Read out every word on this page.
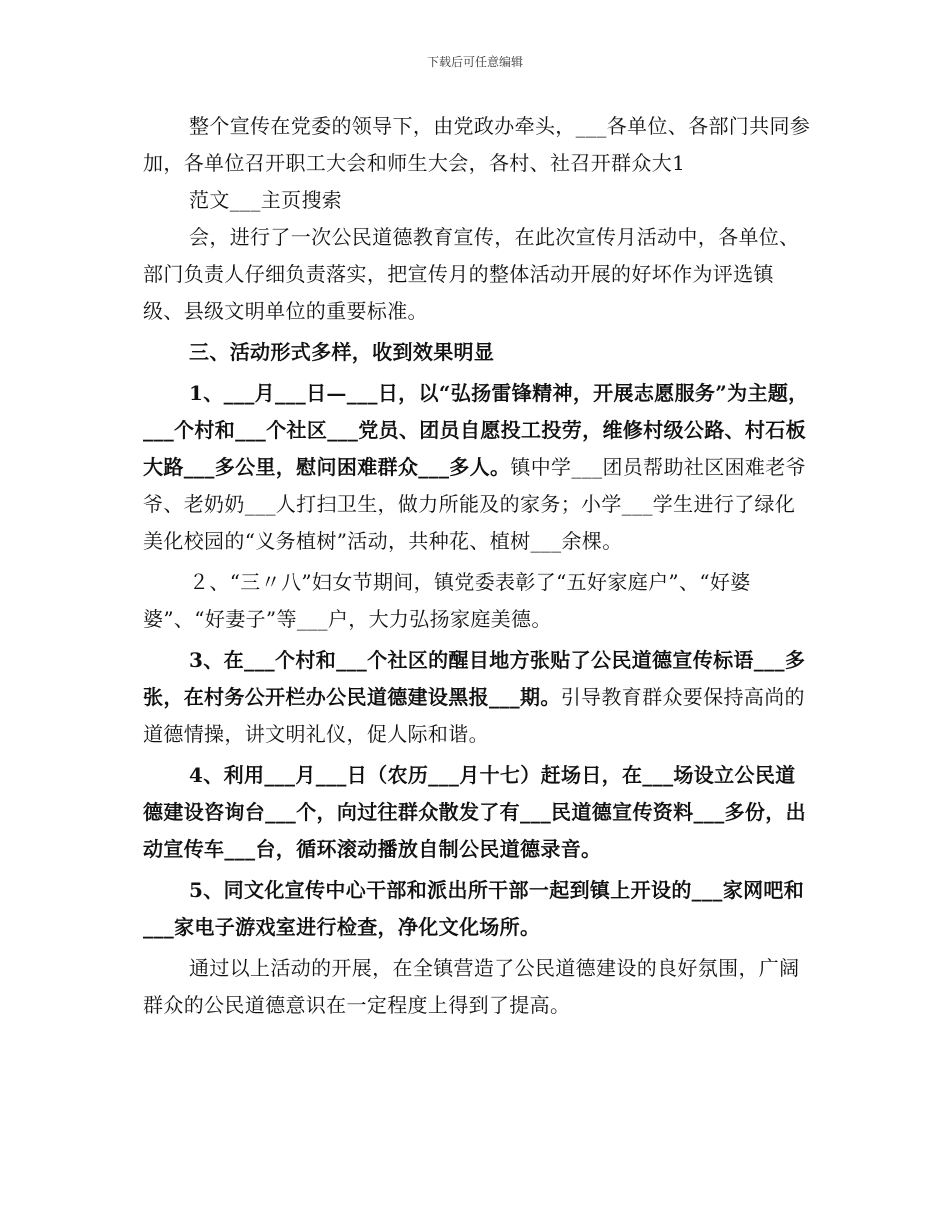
下载后可任意编辑

整个宣传在党委的领导下，由党政办牵头，___各单位、各部门共同参加，各单位召开职工大会和师生大会，各村、社召开群众大1

范文___主页搜索

会，进行了一次公民道德教育宣传，在此次宣传月活动中，各单位、部门负责人仔细负责落实，把宣传月的整体活动开展的好坏作为评选镇级、县级文明单位的重要标准。

三、活动形式多样，收到效果明显

1、___月___日—___日，以“弘扬雷锋精神，开展志愿服务”为主题，___个村和___个社区___党员、团员自愿投工投劳，维修村级公路、村石板大路___多公里，慰问困难群众___多人。镇中学___团员帮助社区困难老爷爷、老奶奶___人打扫卫生，做力所能及的家务；小学___学生进行了绿化美化校园的“义务植树”活动，共种花、植树___余棵。

２、“三〃八”妇女节期间，镇党委表彰了“五好家庭户”、“好婆婆”、“好妻子”等___户，大力弘扬家庭美德。

3、在___个村和___个社区的醒目地方张贴了公民道德宣传标语___多张，在村务公开栏办公民道德建设黑报___期。引导教育群众要保持高尚的道德情操，讲文明礼仪，促人际和谐。

4、利用___月___日（农历___月十七）赶场日，在___场设立公民道德建设咨询台___个，向过往群众散发了有___民道德宣传资料___多份，出动宣传车___台，循环滚动播放自制公民道德录音。

5、同文化宣传中心干部和派出所干部一起到镇上开设的___家网吧和___家电子游戏室进行检查，净化文化场所。

通过以上活动的开展，在全镇营造了公民道德建设的良好氛围，广阔群众的公民道德意识在一定程度上得到了提高。
